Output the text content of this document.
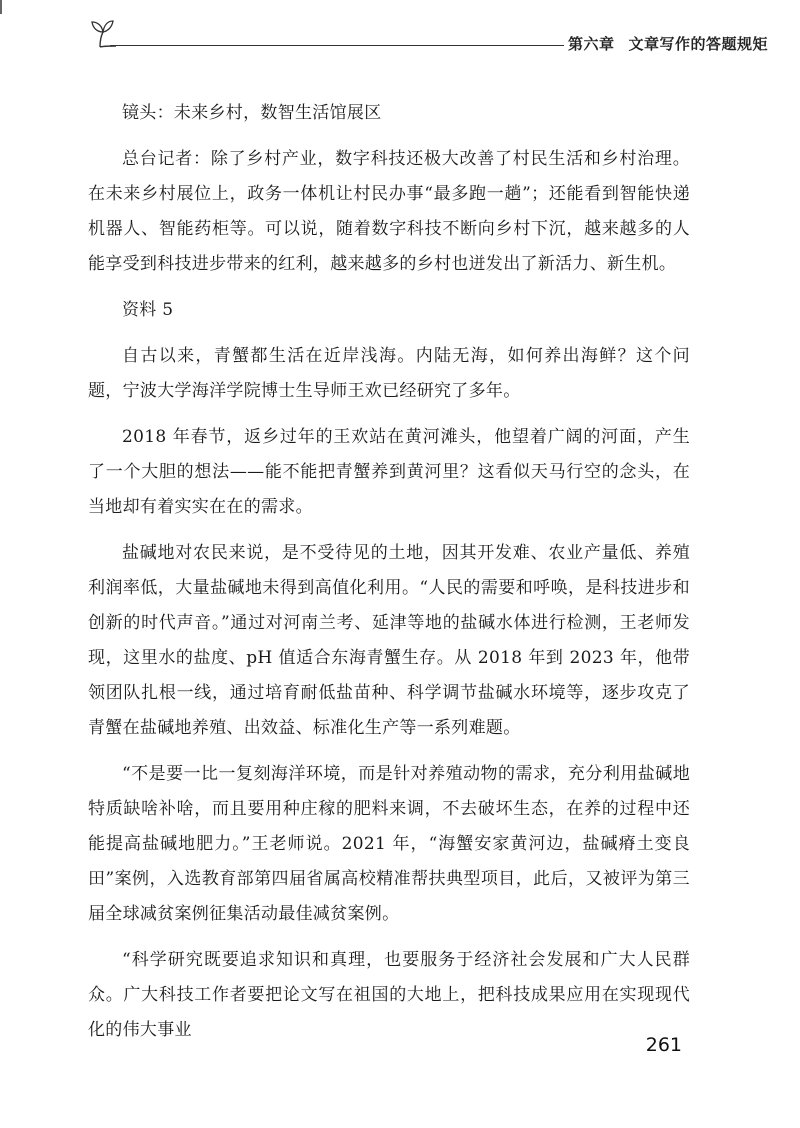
第六章 文章写作的答题规矩

镜头：未来乡村，数智生活馆展区

总台记者：除了乡村产业，数字科技还极大改善了村民生活和乡村治理。在未来乡村展位上，政务一体机让村民办事“最多跑一趟”；还能看到智能快递机器人、智能药柜等。可以说，随着数字科技不断向乡村下沉，越来越多的人能享受到科技进步带来的红利，越来越多的乡村也迸发出了新活力、新生机。

资料 5

自古以来，青蟹都生活在近岸浅海。内陆无海，如何养出海鲜？这个问题，宁波大学海洋学院博士生导师王欢已经研究了多年。

2018 年春节，返乡过年的王欢站在黄河滩头，他望着广阔的河面，产生了一个大胆的想法——能不能把青蟹养到黄河里？这看似天马行空的念头，在当地却有着实实在在的需求。

盐碱地对农民来说，是不受待见的土地，因其开发难、农业产量低、养殖利润率低，大量盐碱地未得到高值化利用。“人民的需要和呼唤，是科技进步和创新的时代声音。”通过对河南兰考、延津等地的盐碱水体进行检测，王老师发现，这里水的盐度、pH 值适合东海青蟹生存。从 2018 年到 2023 年，他带领团队扎根一线，通过培育耐低盐苗种、科学调节盐碱水环境等，逐步攻克了青蟹在盐碱地养殖、出效益、标准化生产等一系列难题。

“不是要一比一复刻海洋环境，而是针对养殖动物的需求，充分利用盐碱地特质缺啥补啥，而且要用种庄稼的肥料来调，不去破坏生态，在养的过程中还能提高盐碱地肥力。”王老师说。2021 年，“海蟹安家黄河边，盐碱瘠土变良田”案例，入选教育部第四届省属高校精准帮扶典型项目，此后，又被评为第三届全球减贫案例征集活动最佳减贫案例。

“科学研究既要追求知识和真理，也要服务于经济社会发展和广大人民群众。广大科技工作者要把论文写在祖国的大地上，把科技成果应用在实现现代化的伟大事业

261
